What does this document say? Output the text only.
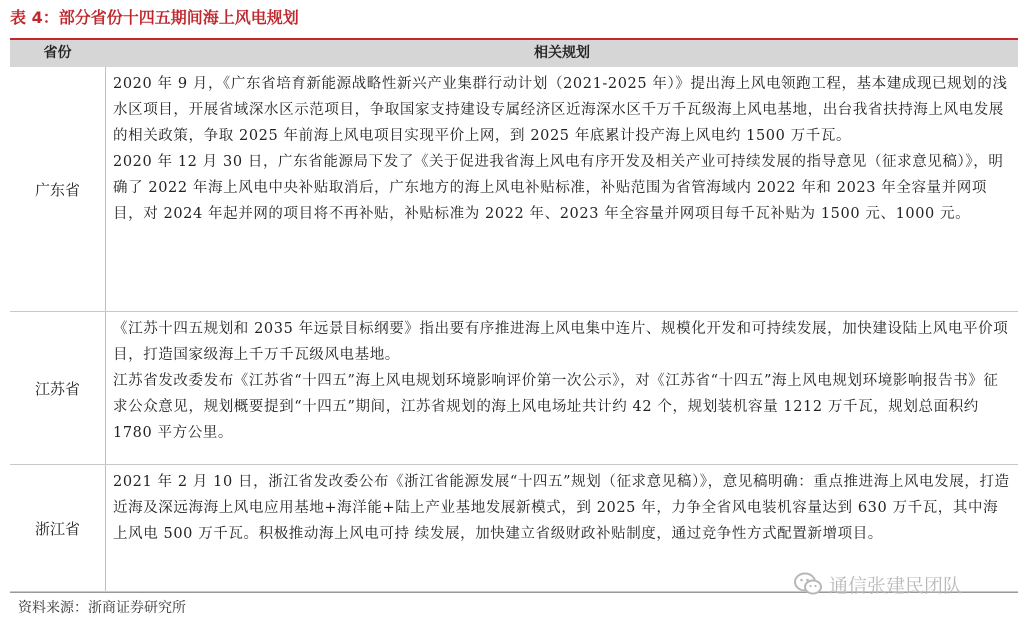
表 4：部分省份十四五期间海上风电规划
省份	相关规划
广东省
2020 年 9 月，《广东省培育新能源战略性新兴产业集群行动计划（2021-2025 年）》提出海上风电领跑工程，基本建成现已规划的浅水区项目，开展省域深水区示范项目，争取国家支持建设专属经济区近海深水区千万千瓦级海上风电基地，出台我省扶持海上风电发展的相关政策，争取 2025 年前海上风电项目实现平价上网，到 2025 年底累计投产海上风电约 1500 万千瓦。
2020 年 12 月 30 日，广东省能源局下发了《关于促进我省海上风电有序开发及相关产业可持续发展的指导意见（征求意见稿）》，明确了 2022 年海上风电中央补贴取消后，广东地方的海上风电补贴标准，补贴范围为省管海域内 2022 年和 2023 年全容量并网项目，对 2024 年起并网的项目将不再补贴，补贴标准为 2022 年、2023 年全容量并网项目每千瓦补贴为 1500 元、1000 元。
江苏省
《江苏十四五规划和 2035 年远景目标纲要》指出要有序推进海上风电集中连片、规模化开发和可持续发展，加快建设陆上风电平价项目，打造国家级海上千万千瓦级风电基地。
江苏省发改委发布《江苏省“十四五”海上风电规划环境影响评价第一次公示》，对《江苏省“十四五”海上风电规划环境影响报告书》征求公众意见，规划概要提到“十四五”期间，江苏省规划的海上风电场址共计约 42 个，规划装机容量 1212 万千瓦，规划总面积约 1780 平方公里。
浙江省
2021 年 2 月 10 日，浙江省发改委公布《浙江省能源发展“十四五”规划（征求意见稿）》，意见稿明确：重点推进海上风电发展，打造近海及深远海海上风电应用基地+海洋能+陆上产业基地发展新模式，到 2025 年，力争全省风电装机容量达到 630 万千瓦，其中海上风电 500 万千瓦。积极推动海上风电可持 续发展，加快建立省级财政补贴制度，通过竞争性方式配置新增项目。
资料来源：浙商证券研究所
通信张建民团队
